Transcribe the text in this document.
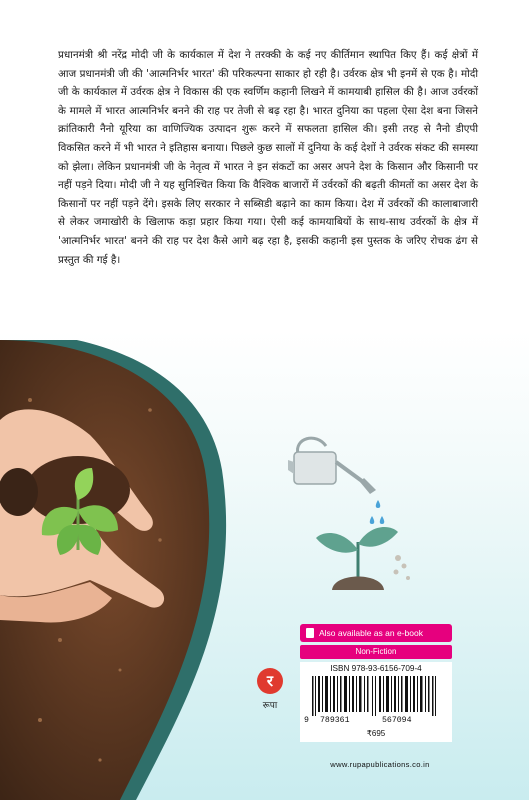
प्रधानमंत्री श्री नरेंद्र मोदी जी के कार्यकाल में देश ने तरक्की के कई नए कीर्तिमान स्थापित किए हैं। कई क्षेत्रों में आज प्रधानमंत्री जी की 'आत्मनिर्भर भारत' की परिकल्पना साकार हो रही है। उर्वरक क्षेत्र भी इनमें से एक है। मोदी जी के कार्यकाल में उर्वरक क्षेत्र ने विकास की एक स्वर्णिम कहानी लिखने में कामयाबी हासिल की है। आज उर्वरकों के मामले में भारत आत्मनिर्भर बनने की राह पर तेजी से बढ़ रहा है। भारत दुनिया का पहला ऐसा देश बना जिसने क्रांतिकारी नैनो यूरिया का वाणिज्यिक उत्पादन शुरू करने में सफलता हासिल की। इसी तरह से नैनो डीएपी विकसित करने में भी भारत ने इतिहास बनाया। पिछले कुछ सालों में दुनिया के कई देशों ने उर्वरक संकट की समस्या को झेला। लेकिन प्रधानमंत्री जी के नेतृत्व में भारत ने इन संकटों का असर अपने देश के किसान और किसानी पर नहीं पड़ने दिया। मोदी जी ने यह सुनिश्चित किया कि वैश्विक बाजारों में उर्वरकों की बढ़ती कीमतों का असर देश के किसानों पर नहीं पड़ने देंगे। इसके लिए सरकार ने सब्सिडी बढ़ाने का काम किया। देश में उर्वरकों की कालाबाजारी से लेकर जमाखोरी के खिलाफ कड़ा प्रहार किया गया। ऐसी कई कामयाबियों के साथ-साथ उर्वरकों के क्षेत्र में 'आत्मनिर्भर भारत' बनने की राह पर देश कैसे आगे बढ़ रहा है, इसकी कहानी इस पुस्तक के जरिए रोचक ढंग से प्रस्तुत की गई है।

Also available as an e-book
Non-Fiction
ISBN 978-93-6156-709-4
9 789361	567094
₹695
र
रूपा
www.rupapublications.co.in
